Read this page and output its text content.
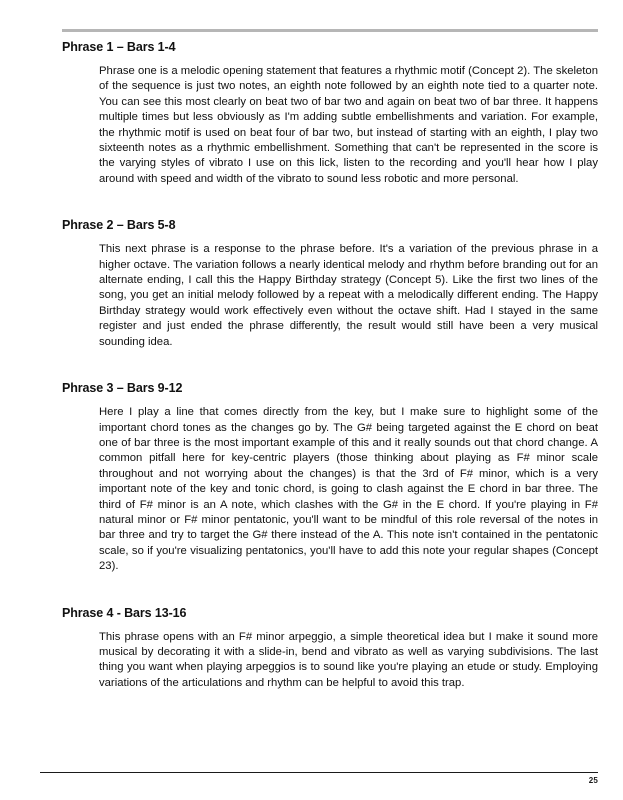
Phrase 1 – Bars 1-4

Phrase one is a melodic opening statement that features a rhythmic motif (Concept 2). The skeleton of the sequence is just two notes, an eighth note followed by an eighth note tied to a quarter note. You can see this most clearly on beat two of bar two and again on beat two of bar three. It happens multiple times but less obviously as I'm adding subtle embellishments and variation. For example, the rhythmic motif is used on beat four of bar two, but instead of starting with an eighth, I play two sixteenth notes as a rhythmic embellishment. Something that can't be represented in the score is the varying styles of vibrato I use on this lick, listen to the recording and you'll hear how I play around with speed and width of the vibrato to sound less robotic and more personal.

Phrase 2 – Bars 5-8

This next phrase is a response to the phrase before. It's a variation of the previous phrase in a higher octave. The variation follows a nearly identical melody and rhythm before branding out for an alternate ending, I call this the Happy Birthday strategy (Concept 5). Like the first two lines of the song, you get an initial melody followed by a repeat with a melodically different ending. The Happy Birthday strategy would work effectively even without the octave shift. Had I stayed in the same register and just ended the phrase differently, the result would still have been a very musical sounding idea.

Phrase 3 – Bars 9-12

Here I play a line that comes directly from the key, but I make sure to highlight some of the important chord tones as the changes go by. The G# being targeted against the E chord on beat one of bar three is the most important example of this and it really sounds out that chord change. A common pitfall here for key-centric players (those thinking about playing as F# minor scale throughout and not worrying about the changes) is that the 3rd of F# minor, which is a very important note of the key and tonic chord, is going to clash against the E chord in bar three. The third of F# minor is an A note, which clashes with the G# in the E chord. If you're playing in F# natural minor or F# minor pentatonic, you'll want to be mindful of this role reversal of the notes in bar three and try to target the G# there instead of the A. This note isn't contained in the pentatonic scale, so if you're visualizing pentatonics, you'll have to add this note your regular shapes (Concept 23).

Phrase 4 - Bars 13-16

This phrase opens with an F# minor arpeggio, a simple theoretical idea but I make it sound more musical by decorating it with a slide-in, bend and vibrato as well as varying subdivisions. The last thing you want when playing arpeggios is to sound like you're playing an etude or study. Employing variations of the articulations and rhythm can be helpful to avoid this trap.

25
